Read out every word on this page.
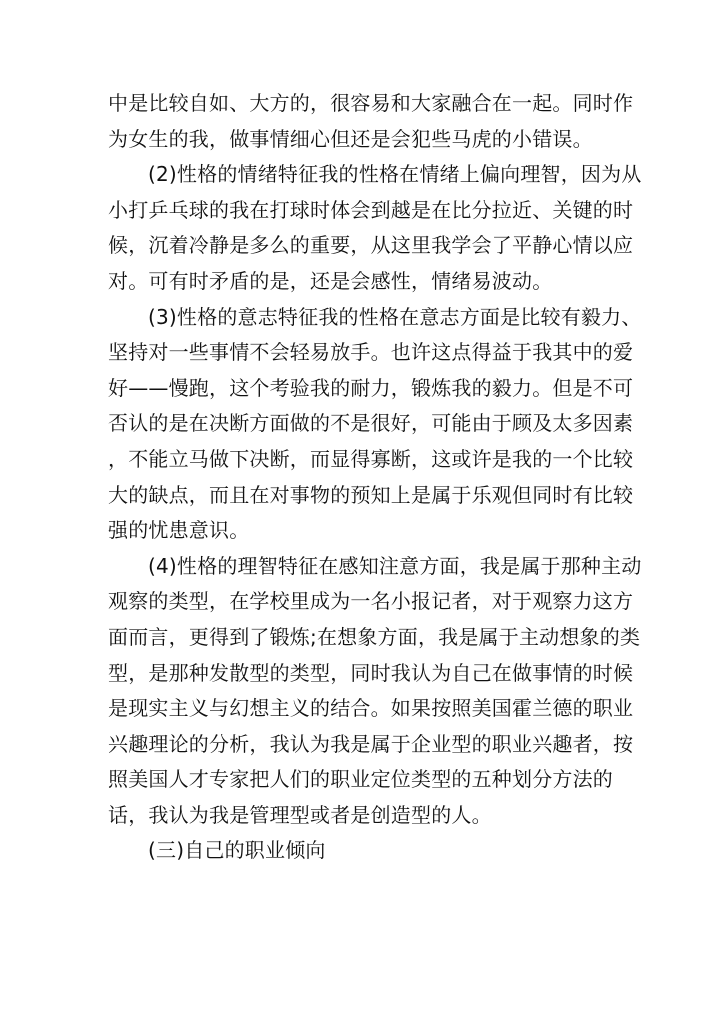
中是比较自如、大方的，很容易和大家融合在一起。同时作
为女生的我，做事情细心但还是会犯些马虎的小错误。
(2)性格的情绪特征我的性格在情绪上偏向理智，因为从
小打乒乓球的我在打球时体会到越是在比分拉近、关键的时
候，沉着冷静是多么的重要，从这里我学会了平静心情以应
对。可有时矛盾的是，还是会感性，情绪易波动。
(3)性格的意志特征我的性格在意志方面是比较有毅力、
坚持对一些事情不会轻易放手。也许这点得益于我其中的爱
好——慢跑，这个考验我的耐力，锻炼我的毅力。但是不可
否认的是在决断方面做的不是很好，可能由于顾及太多因素
，不能立马做下决断，而显得寡断，这或许是我的一个比较
大的缺点，而且在对事物的预知上是属于乐观但同时有比较
强的忧患意识。
(4)性格的理智特征在感知注意方面，我是属于那种主动
观察的类型，在学校里成为一名小报记者，对于观察力这方
面而言，更得到了锻炼;在想象方面，我是属于主动想象的类
型，是那种发散型的类型，同时我认为自己在做事情的时候
是现实主义与幻想主义的结合。如果按照美国霍兰德的职业
兴趣理论的分析，我认为我是属于企业型的职业兴趣者，按
照美国人才专家把人们的职业定位类型的五种划分方法的
话，我认为我是管理型或者是创造型的人。
(三)自己的职业倾向
